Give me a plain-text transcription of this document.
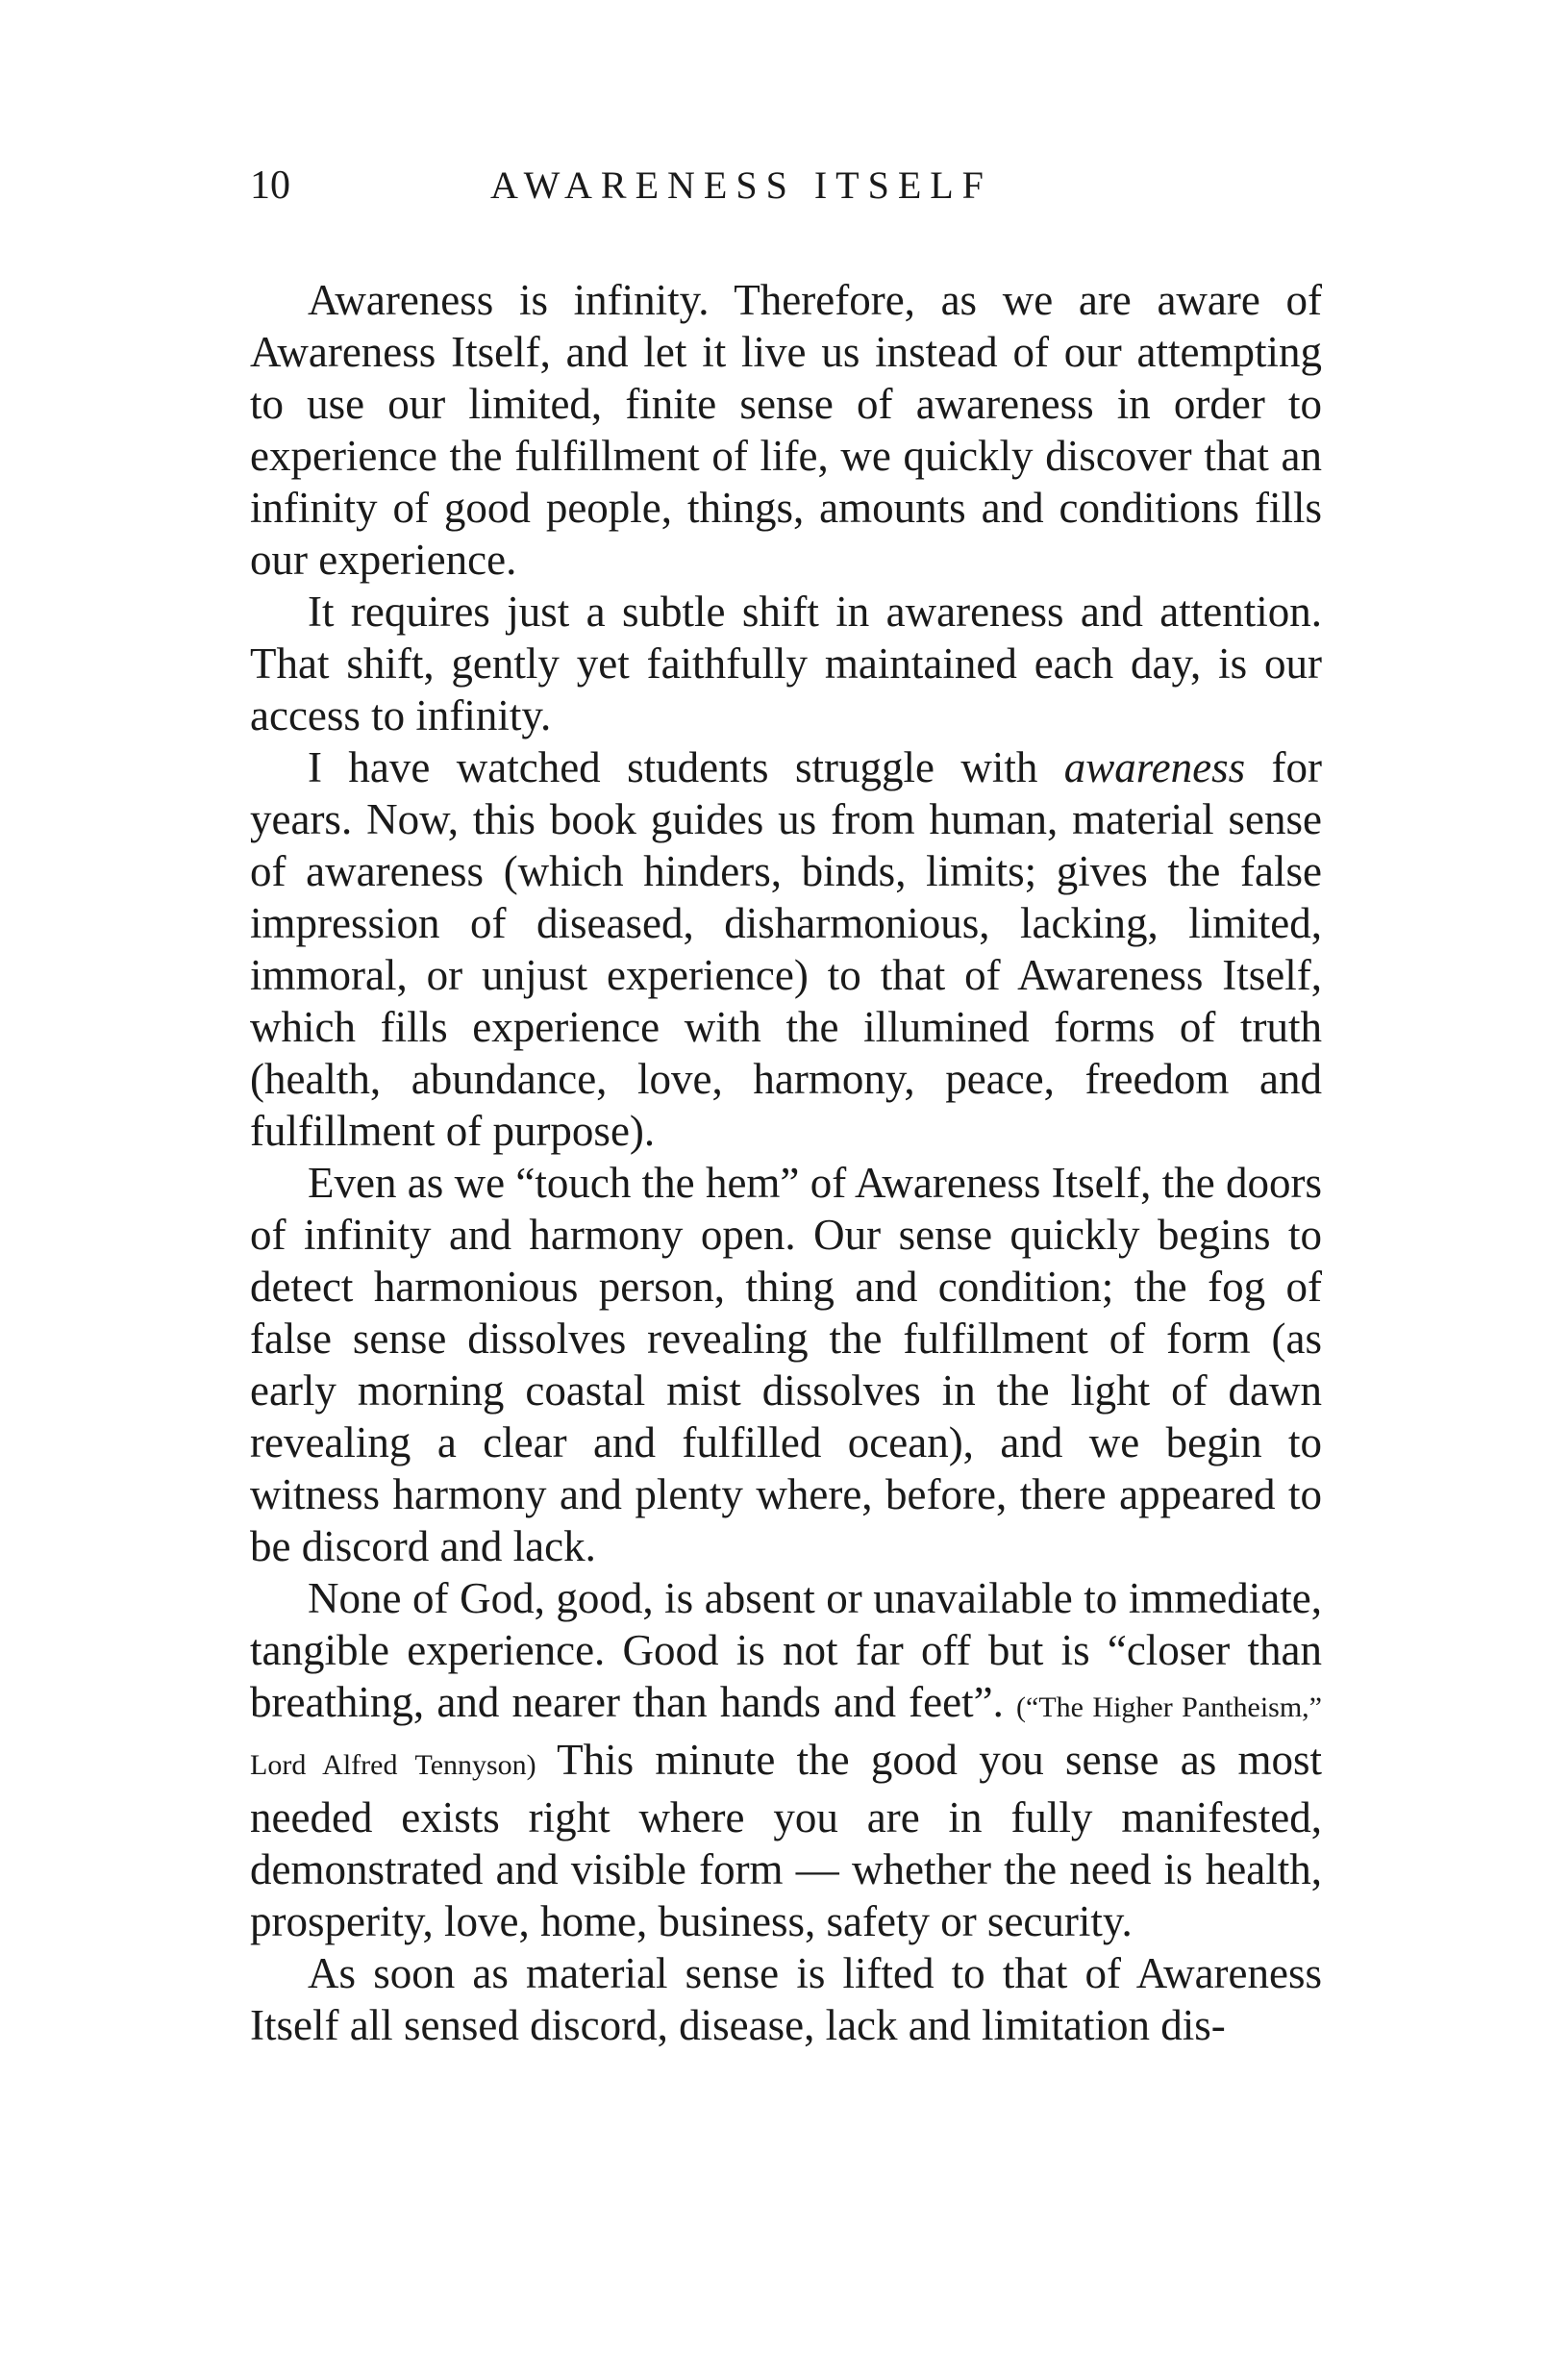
10	AWARENESS ITSELF

Awareness is infinity. Therefore, as we are aware of Awareness Itself, and let it live us instead of our attempting to use our limited, finite sense of awareness in order to experience the fulfillment of life, we quickly discover that an infinity of good people, things, amounts and conditions fills our experience.

It requires just a subtle shift in awareness and attention. That shift, gently yet faithfully maintained each day, is our access to infinity.

I have watched students struggle with awareness for years. Now, this book guides us from human, material sense of awareness (which hinders, binds, limits; gives the false impression of diseased, disharmonious, lacking, limited, immoral, or unjust experience) to that of Awareness Itself, which fills experience with the illumined forms of truth (health, abundance, love, harmony, peace, freedom and fulfillment of purpose).

Even as we “touch the hem” of Awareness Itself, the doors of infinity and harmony open. Our sense quickly begins to detect harmonious person, thing and condition; the fog of false sense dissolves revealing the fulfillment of form (as early morning coastal mist dissolves in the light of dawn revealing a clear and fulfilled ocean), and we begin to witness harmony and plenty where, before, there appeared to be discord and lack.

None of God, good, is absent or unavailable to immediate, tangible experience. Good is not far off but is “closer than breathing, and nearer than hands and feet”. (“The Higher Pantheism,” Lord Alfred Tennyson) This minute the good you sense as most needed exists right where you are in fully manifested, demonstrated and visible form — whether the need is health, prosperity, love, home, business, safety or security.

As soon as material sense is lifted to that of Awareness Itself all sensed discord, disease, lack and limitation dis-
